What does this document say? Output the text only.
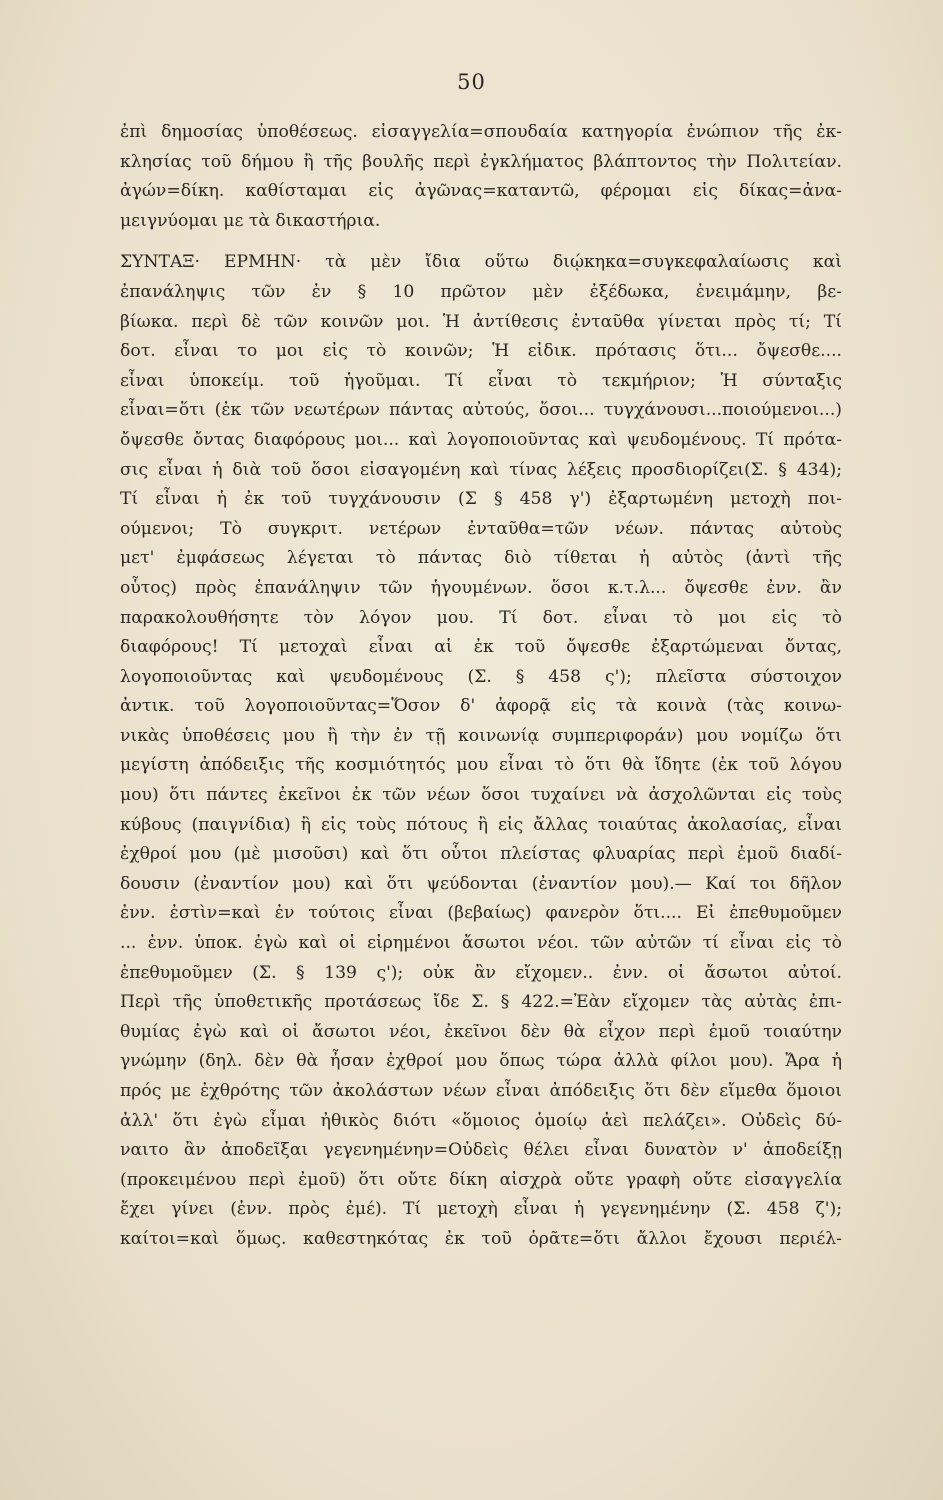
50
ἐπὶ δημοσίας ὑποθέσεως. εἰσαγγελία=σπουδαία κατηγορία ἐνώπιον τῆς ἐκ-
κλησίας τοῦ δήμου ἢ τῆς βουλῆς περὶ ἐγκλήματος βλάπτοντος τὴν Πολιτείαν.
ἀγών=δίκη. καθίσταμαι εἰς ἀγῶνας=καταντῶ, φέρομαι εἰς δίκας=ἀνα-
μειγνύομαι με τὰ δικαστήρια.
ΣΥΝΤΑΞ· ΕΡΜΗΝ· τὰ μὲν ἴδια οὕτω διῴκηκα=συγκεφαλαίωσις καὶ
ἐπανάληψις τῶν ἐν § 10 πρῶτον μὲν ἐξέδωκα, ἐνειμάμην, βε-
βίωκα. περὶ δὲ τῶν κοινῶν μοι. Ἡ ἀντίθεσις ἐνταῦθα γίνεται πρὸς τί; Τί
δοτ. εἶναι το μοι εἰς τὸ κοινῶν; Ἡ εἰδικ. πρότασις ὅτι... ὄψεσθε....
εἶναι ὑποκείμ. τοῦ ἡγοῦμαι. Τί εἶναι τὸ τεκμήριον; Ἡ σύνταξις
εἶναι=ὅτι (ἐκ τῶν νεωτέρων πάντας αὐτούς, ὅσοι... τυγχάνουσι...ποιούμενοι...)
ὄψεσθε ὄντας διαφόρους μοι... καὶ λογοποιοῦντας καὶ ψευδομένους. Τί πρότα-
σις εἶναι ἡ διὰ τοῦ ὅσοι εἰσαγομένη καὶ τίνας λέξεις προσδιορίζει(Σ. § 434);
Τί εἶναι ἡ ἐκ τοῦ τυγχάνουσιν (Σ § 458 γ') ἐξαρτωμένη μετοχὴ ποι-
ούμενοι; Τὸ συγκριτ. νετέρων ἐνταῦθα=τῶν νέων. πάντας αὐτοὺς
μετ' ἐμφάσεως λέγεται τὸ πάντας διὸ τίθεται ἡ αὐτὸς (ἀντὶ τῆς
οὗτος) πρὸς ἐπανάληψιν τῶν ἡγουμένων. ὅσοι κ.τ.λ... ὄψεσθε ἐνν. ἂν
παρακολουθήσητε τὸν λόγον μου. Τί δοτ. εἶναι τὸ μοι εἰς τὸ
διαφόρους! Τί μετοχαὶ εἶναι αἱ ἐκ τοῦ ὄψεσθε ἐξαρτώμεναι ὄντας,
λογοποιοῦντας καὶ ψευδομένους (Σ. § 458 ς'); πλεῖστα σύστοιχον
ἀντικ. τοῦ λογοποιοῦντας=Ὅσον δ' ἀφορᾷ εἰς τὰ κοινὰ (τὰς κοινω-
νικὰς ὑποθέσεις μου ἢ τὴν ἐν τῇ κοινωνίᾳ συμπεριφοράν) μου νομίζω ὅτι
μεγίστη ἀπόδειξις τῆς κοσμιότητός μου εἶναι τὸ ὅτι θὰ ἴδητε (ἐκ τοῦ λόγου
μου) ὅτι πάντες ἐκεῖνοι ἐκ τῶν νέων ὅσοι τυχαίνει νὰ ἀσχολῶνται εἰς τοὺς
κύβους (παιγνίδια) ἢ εἰς τοὺς πότους ἢ εἰς ἄλλας τοιαύτας ἀκολασίας, εἶναι
ἐχθροί μου (μὲ μισοῦσι) καὶ ὅτι οὗτοι πλείστας φλυαρίας περὶ ἐμοῦ διαδί-
δουσιν (ἐναντίον μου) καὶ ὅτι ψεύδονται (ἐναντίον μου).— Καί τοι δῆλον
ἐνν. ἐστὶν=καὶ ἐν τούτοις εἶναι (βεβαίως) φανερὸν ὅτι.... Εἰ ἐπεθυμοῦμεν
... ἐνν. ὑποκ. ἐγὼ καὶ οἱ εἰρημένοι ἄσωτοι νέοι. τῶν αὐτῶν τί εἶναι εἰς τὸ
ἐπεθυμοῦμεν (Σ. § 139 ς'); οὐκ ἂν εἴχομεν.. ἐνν. οἱ ἄσωτοι αὐτοί.
Περὶ τῆς ὑποθετικῆς προτάσεως ἴδε Σ. § 422.=Ἐὰν εἴχομεν τὰς αὐτὰς ἐπι-
θυμίας ἐγὼ καὶ οἱ ἄσωτοι νέοι, ἐκεῖνοι δὲν θὰ εἶχον περὶ ἐμοῦ τοιαύτην
γνώμην (δηλ. δὲν θὰ ἦσαν ἐχθροί μου ὅπως τώρα ἀλλὰ φίλοι μου). Ἄρα ἡ
πρός με ἐχθρότης τῶν ἀκολάστων νέων εἶναι ἀπόδειξις ὅτι δὲν εἴμεθα ὅμοιοι
ἀλλ' ὅτι ἐγὼ εἶμαι ἠθικὸς διότι «ὅμοιος ὁμοίῳ ἀεὶ πελάζει». Οὐδεὶς δύ-
ναιτο ἂν ἀποδεῖξαι γεγενημένην=Οὐδεὶς θέλει εἶναι δυνατὸν ν' ἀποδείξῃ
(προκειμένου περὶ ἐμοῦ) ὅτι οὔτε δίκη αἰσχρὰ οὔτε γραφὴ οὔτε εἰσαγγελία
ἔχει γίνει (ἐνν. πρὸς ἐμέ). Τί μετοχὴ εἶναι ἡ γεγενημένην (Σ. 458 ζ');
καίτοι=καὶ ὅμως. καθεστηκότας ἐκ τοῦ ὁρᾶτε=ὅτι ἄλλοι ἔχουσι περιέλ-
